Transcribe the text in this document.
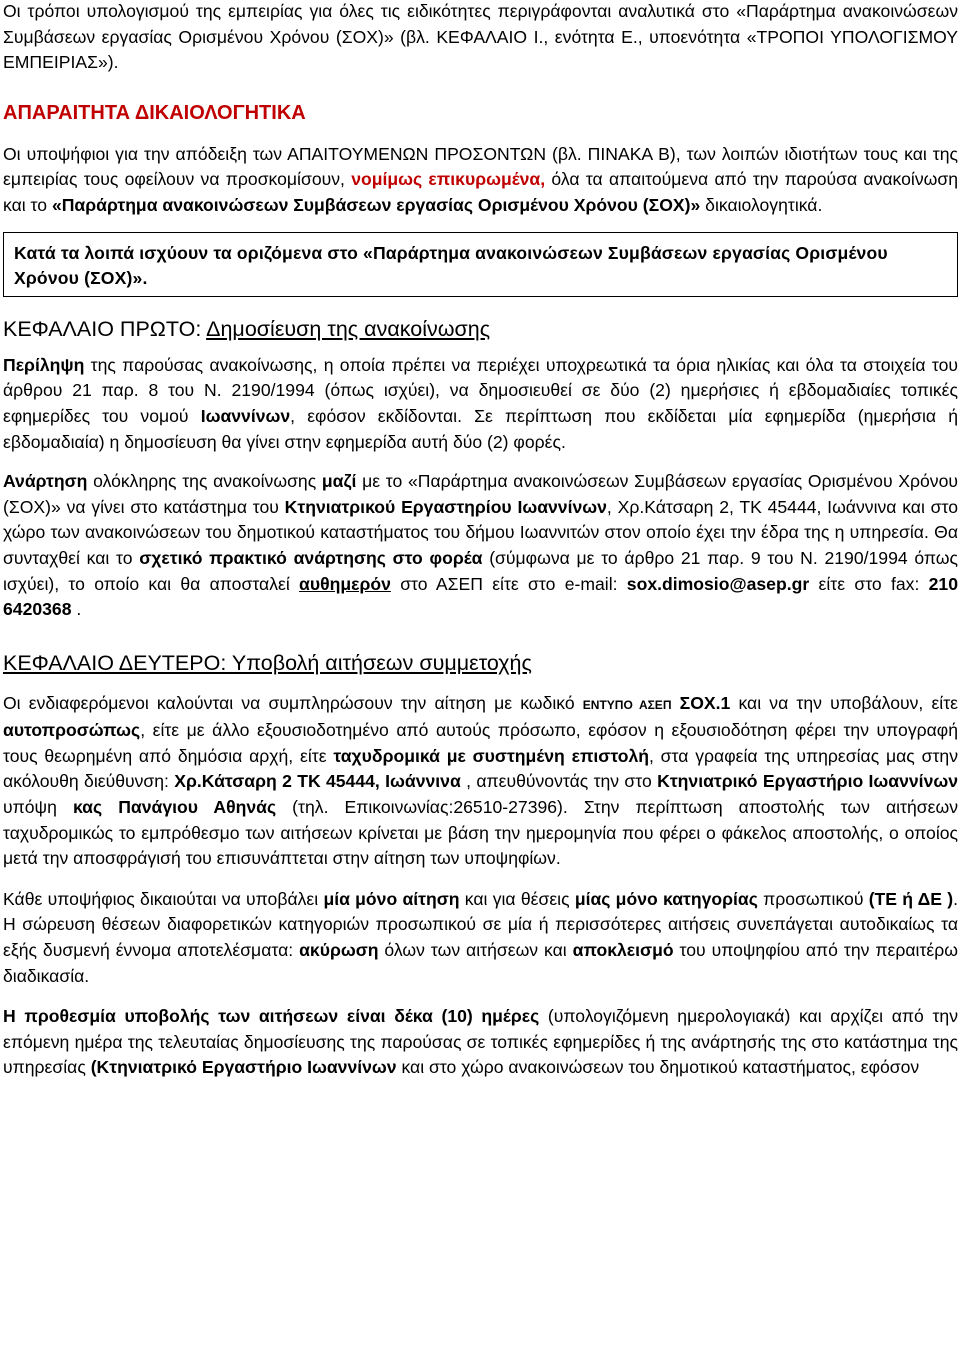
Οι τρόποι υπολογισμού της εμπειρίας για όλες τις ειδικότητες περιγράφονται αναλυτικά στο «Παράρτημα ανακοινώσεων Συμβάσεων εργασίας Ορισμένου Χρόνου (ΣΟΧ)» (βλ. ΚΕΦΑΛΑΙΟ Ι., ενότητα Ε., υποενότητα «ΤΡΟΠΟΙ ΥΠΟΛΟΓΙΣΜΟΥ ΕΜΠΕΙΡΙΑΣ»).

ΑΠΑΡΑΙΤΗΤΑ ΔΙΚΑΙΟΛΟΓΗΤΙΚΑ

Οι υποψήφιοι για την απόδειξη των ΑΠΑΙΤΟΥΜΕΝΩΝ ΠΡΟΣΟΝΤΩΝ (βλ. ΠΙΝΑΚΑ Β), των λοιπών ιδιοτήτων τους και της εμπειρίας τους οφείλουν να προσκομίσουν, νομίμως επικυρωμένα, όλα τα απαιτούμενα από την παρούσα ανακοίνωση και το «Παράρτημα ανακοινώσεων Συμβάσεων εργασίας Ορισμένου Χρόνου (ΣΟΧ)» δικαιολογητικά.

Κατά τα λοιπά ισχύουν τα οριζόμενα στο «Παράρτημα ανακοινώσεων Συμβάσεων εργασίας Ορισμένου Χρόνου (ΣΟΧ)».
ΚΕΦΑΛΑΙΟ ΠΡΩΤΟ: Δημοσίευση της ανακοίνωσης

Περίληψη της παρούσας ανακοίνωσης, η οποία πρέπει να περιέχει υποχρεωτικά τα όρια ηλικίας και όλα τα στοιχεία του άρθρου 21 παρ. 8 του Ν. 2190/1994 (όπως ισχύει), να δημοσιευθεί σε δύο (2) ημερήσιες ή εβδομαδιαίες τοπικές εφημερίδες του νομού Ιωαννίνων, εφόσον εκδίδονται. Σε περίπτωση που εκδίδεται μία εφημερίδα (ημερήσια ή εβδομαδιαία) η δημοσίευση θα γίνει στην εφημερίδα αυτή δύο (2) φορές.

Ανάρτηση ολόκληρης της ανακοίνωσης μαζί με το «Παράρτημα ανακοινώσεων Συμβάσεων εργασίας Ορισμένου Χρόνου (ΣΟΧ)» να γίνει στο κατάστημα του Κτηνιατρικού Εργαστηρίου Ιωαννίνων, Χρ.Κάτσαρη 2, ΤΚ 45444, Ιωάννινα και στο χώρο των ανακοινώσεων του δημοτικού καταστήματος του δήμου Ιωαννιτών στον οποίο έχει την έδρα της η υπηρεσία. Θα συνταχθεί και το σχετικό πρακτικό ανάρτησης στο φορέα (σύμφωνα με το άρθρο 21 παρ. 9 του Ν. 2190/1994 όπως ισχύει), το οποίο και θα αποσταλεί αυθημερόν στο ΑΣΕΠ είτε στο e-mail: sox.dimosio@asep.gr είτε στο fax: 210 6420368 .

ΚΕΦΑΛΑΙΟ ΔΕΥΤΕΡΟ: Υποβολή αιτήσεων συμμετοχής

Οι ενδιαφερόμενοι καλούνται να συμπληρώσουν την αίτηση με κωδικό ΕΝΤΥΠΟ ΑΣΕΠ ΣΟΧ.1 και να την υποβάλουν, είτε αυτοπροσώπως, είτε με άλλο εξουσιοδοτημένο από αυτούς πρόσωπο, εφόσον η εξουσιοδότηση φέρει την υπογραφή τους θεωρημένη από δημόσια αρχή, είτε ταχυδρομικά με συστημένη επιστολή, στα γραφεία της υπηρεσίας μας στην ακόλουθη διεύθυνση: Χρ.Κάτσαρη 2 ΤΚ 45444, Ιωάννινα , απευθύνοντάς την στο Κτηνιατρικό Εργαστήριο Ιωαννίνων υπόψη κας Πανάγιου Αθηνάς (τηλ. Επικοινωνίας:26510-27396). Στην περίπτωση αποστολής των αιτήσεων ταχυδρομικώς το εμπρόθεσμο των αιτήσεων κρίνεται με βάση την ημερομηνία που φέρει ο φάκελος αποστολής, ο οποίος μετά την αποσφράγισή του επισυνάπτεται στην αίτηση των υποψηφίων.

Κάθε υποψήφιος δικαιούται να υποβάλει μία μόνο αίτηση και για θέσεις μίας μόνο κατηγορίας προσωπικού (ΤΕ ή ΔΕ ). Η σώρευση θέσεων διαφορετικών κατηγοριών προσωπικού σε μία ή περισσότερες αιτήσεις συνεπάγεται αυτοδικαίως τα εξής δυσμενή έννομα αποτελέσματα: ακύρωση όλων των αιτήσεων και αποκλεισμό του υποψηφίου από την περαιτέρω διαδικασία.

Η προθεσμία υποβολής των αιτήσεων είναι δέκα (10) ημέρες (υπολογιζόμενη ημερολογιακά) και αρχίζει από την επόμενη ημέρα της τελευταίας δημοσίευσης της παρούσας σε τοπικές εφημερίδες ή της ανάρτησής της στο κατάστημα της υπηρεσίας (Κτηνιατρικό Εργαστήριο Ιωαννίνων και στο χώρο ανακοινώσεων του δημοτικού καταστήματος, εφόσον
